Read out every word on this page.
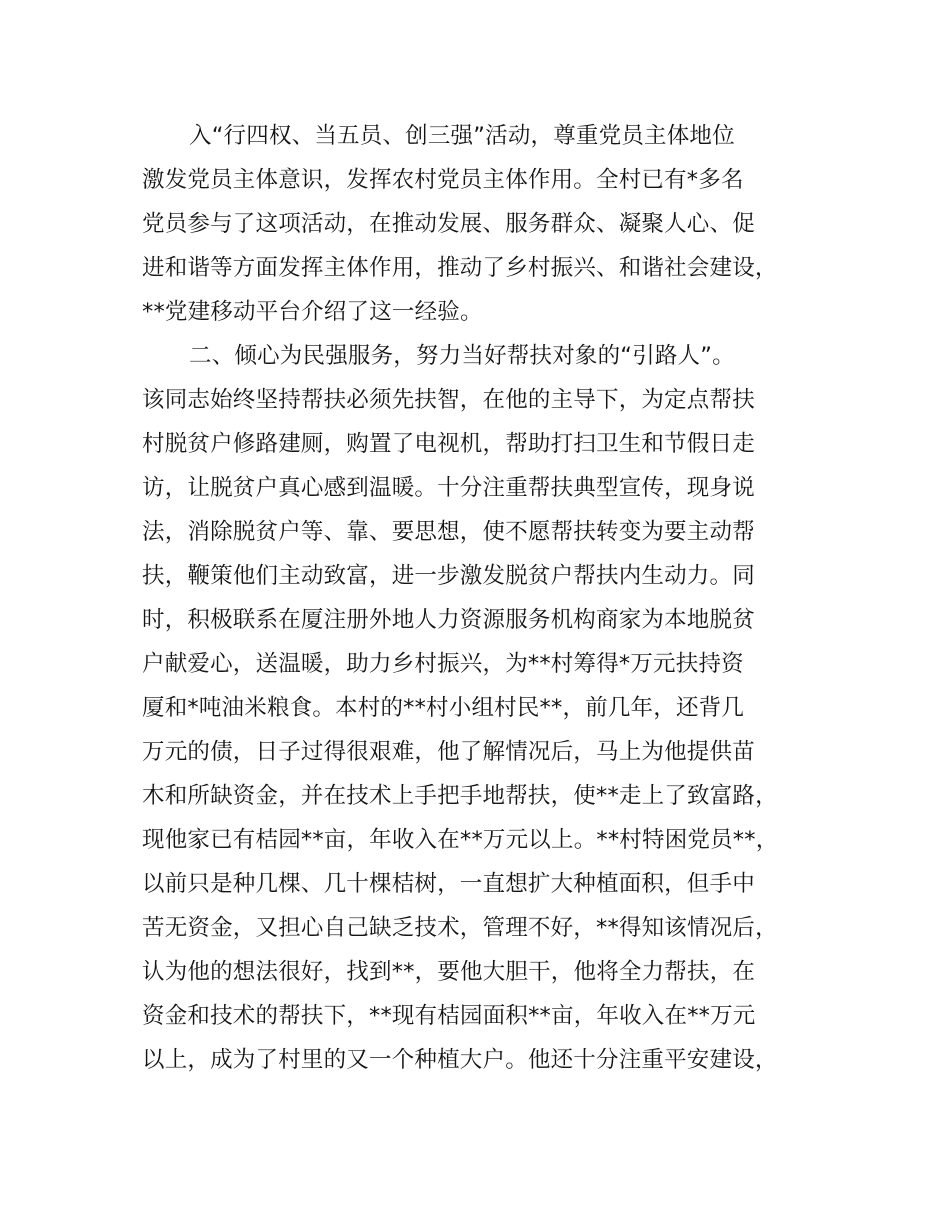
入“行四权、当五员、创三强”活动，尊重党员主体地位
激发党员主体意识，发挥农村党员主体作用。全村已有*多名
党员参与了这项活动，在推动发展、服务群众、凝聚人心、促
进和谐等方面发挥主体作用，推动了乡村振兴、和谐社会建设，
**党建移动平台介绍了这一经验。
二、倾心为民强服务，努力当好帮扶对象的“引路人”。
该同志始终坚持帮扶必须先扶智，在他的主导下，为定点帮扶
村脱贫户修路建厕，购置了电视机，帮助打扫卫生和节假日走
访，让脱贫户真心感到温暖。十分注重帮扶典型宣传，现身说
法，消除脱贫户等、靠、要思想，使不愿帮扶转变为要主动帮
扶，鞭策他们主动致富，进一步激发脱贫户帮扶内生动力。同
时，积极联系在厦注册外地人力资源服务机构商家为本地脱贫
户献爱心，送温暖，助力乡村振兴，为**村筹得*万元扶持资
厦和*吨油米粮食。本村的**村小组村民**，前几年，还背几
万元的债，日子过得很艰难，他了解情况后，马上为他提供苗
木和所缺资金，并在技术上手把手地帮扶，使**走上了致富路，
现他家已有桔园**亩，年收入在**万元以上。**村特困党员**，
以前只是种几棵、几十棵桔树，一直想扩大种植面积，但手中
苦无资金，又担心自己缺乏技术，管理不好，**得知该情况后，
认为他的想法很好，找到**，要他大胆干，他将全力帮扶，在
资金和技术的帮扶下，**现有桔园面积**亩，年收入在**万元
以上，成为了村里的又一个种植大户。他还十分注重平安建设，
